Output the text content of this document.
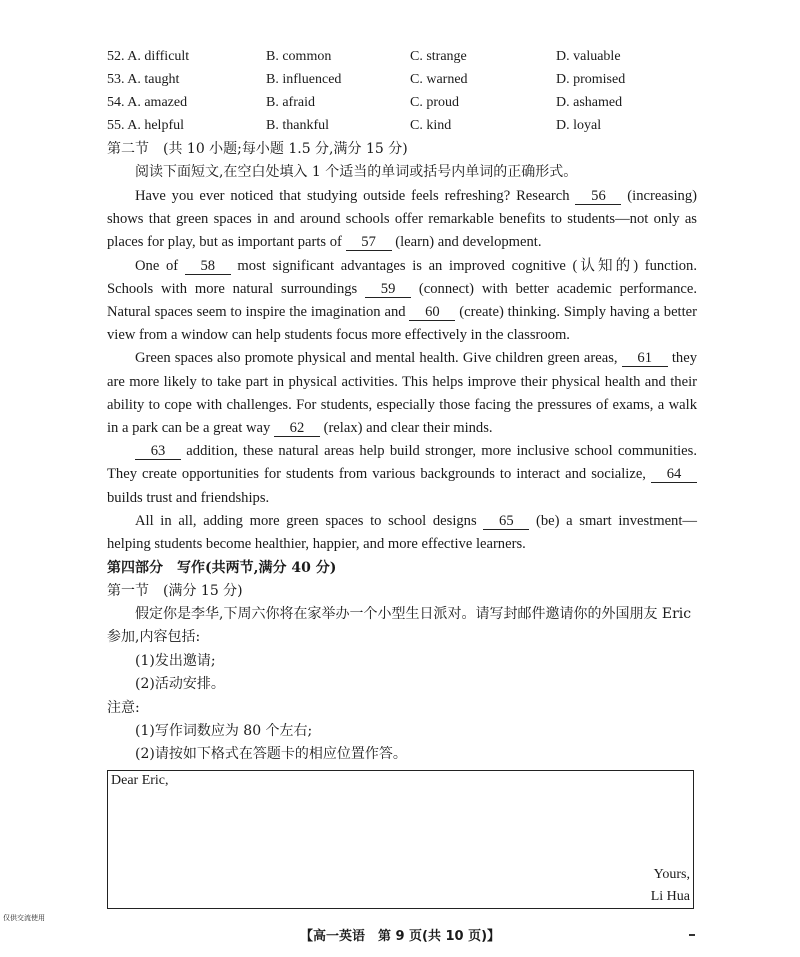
52. A. difficult	B. common	C. strange	D. valuable
53. A. taught	B. influenced	C. warned	D. promised
54. A. amazed	B. afraid	C. proud	D. ashamed
55. A. helpful	B. thankful	C. kind	D. loyal
第二节　(共 10 小题;每小题 1.5 分,满分 15 分)
阅读下面短文,在空白处填入 1 个适当的单词或括号内单词的正确形式。

Have you ever noticed that studying outside feels refreshing? Research 56 (increasing) shows that green spaces in and around schools offer remarkable benefits to students—not only as places for play, but as important parts of 57 (learn) and development.

One of 58 most significant advantages is an improved cognitive (认知的) function. Schools with more natural surroundings 59 (connect) with better academic performance. Natural spaces seem to inspire the imagination and 60 (create) thinking. Simply having a better view from a window can help students focus more effectively in the classroom.

Green spaces also promote physical and mental health. Give children green areas, 61 they are more likely to take part in physical activities. This helps improve their physical health and their ability to cope with challenges. For students, especially those facing the pressures of exams, a walk in a park can be a great way 62 (relax) and clear their minds.

63 addition, these natural areas help build stronger, more inclusive school communities. They create opportunities for students from various backgrounds to interact and socialize, 64 builds trust and friendships.

All in all, adding more green spaces to school designs 65 (be) a smart investment—helping students become healthier, happier, and more effective learners.

第四部分　写作(共两节,满分 40 分)
第一节　(满分 15 分)
假定你是李华,下周六你将在家举办一个小型生日派对。请写封邮件邀请你的外国朋友 Eric 参加,内容包括:
(1)发出邀请;
(2)活动安排。
注意:
(1)写作词数应为 80 个左右;
(2)请按如下格式在答题卡的相应位置作答。
Dear Eric,
Yours,
Li Hua
仅供交流使用
【高一英语　第 9 页(共 10 页)】
